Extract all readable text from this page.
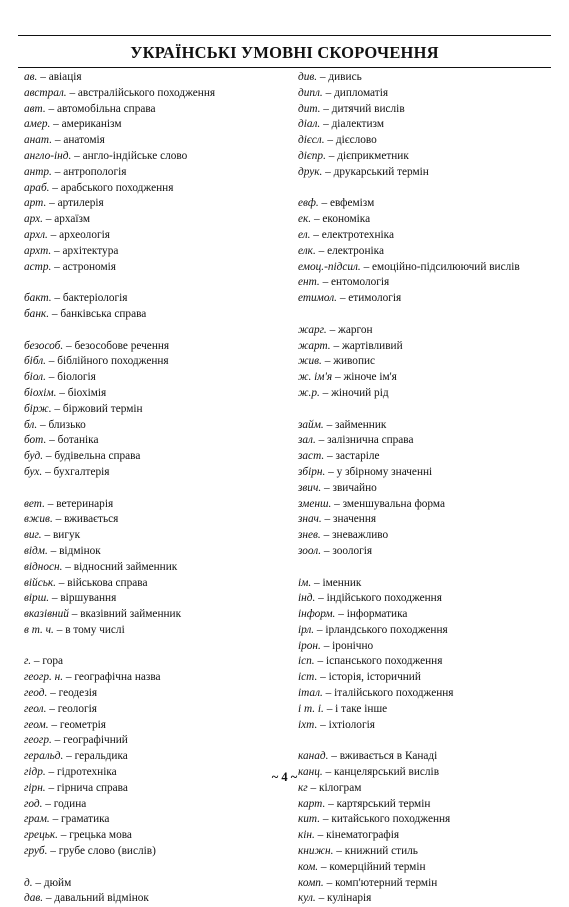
УКРАЇНСЬКІ УМОВНІ СКОРОЧЕННЯ
ав. – авіація
австрал. – австралійського походження
авт. – автомобільна справа
амер. – американізм
анат. – анатомія
англо-інд. – англо-індійське слово
антр. – антропологія
араб. – арабського походження
арт. – артилерія
арх. – архаїзм
архл. – археологія
архт. – архітектура
астр. – астрономія
бакт. – бактеріологія
банк. – банківська справа
безособ. – безособове речення
бібл. – біблійного походження
біол. – біологія
біохім. – біохімія
бірж. – біржовий термін
бл. – близько
бот. – ботаніка
буд. – будівельна справа
бух. – бухгалтерія
вет. – ветеринарія
вжив. – вживається
виг. – вигук
відм. – відмінок
відносн. – відносний займенник
військ. – військова справа
вірш. – віршування
вказівний – вказівний займенник
в т. ч. – в тому числі
г. – гора
геогр. н. – географічна назва
геод. – геодезія
геол. – геологія
геом. – геометрія
геогр. – географічний
геральд. – геральдика
гідр. – гідротехніка
гірн. – гірнича справа
год. – година
грам. – граматика
грецьк. – грецька мова
груб. – грубе слово (вислів)
д. – дюйм
дав. – давальний відмінок
див. – дивись
дипл. – дипломатія
дит. – дитячий вислів
діал. – діалектизм
дієсл. – дієслово
дієпр. – дієприкметник
друк. – друкарський термін
евф. – евфемізм
ек. – економіка
ел. – електротехніка
елк. – електроніка
емоц.-підсил. – емоційно-підсилюючий вислів
ент. – ентомологія
етимол. – етимологія
жарг. – жаргон
жарт. – жартівливий
жив. – живопис
ж. ім'я – жіноче ім'я
ж.р. – жіночий рід
займ. – займенник
зал. – залізнична справа
заст. – застаріле
збірн. – у збірному значенні
звич. – звичайно
зменш. – зменшувальна форма
знач. – значення
знев. – зневажливо
зоол. – зоологія
ім. – іменник
інд. – індійського походження
інформ. – інформатика
ірл. – ірландського походження
ірон. – іронічно
ісп. – іспанського походження
іст. – історія, історичний
італ. – італійського походження
і т. і. – і таке інше
іхт. – іхтіологія
канад. – вживається в Канаді
канц. – канцелярський вислів
кг – кілограм
карт. – картярський термін
кит. – китайського походження
кін. – кінематографія
книжн. – книжний стиль
ком. – комерційний термін
комп. – комп'ютерний термін
кул. – кулінарія
~ 4 ~
